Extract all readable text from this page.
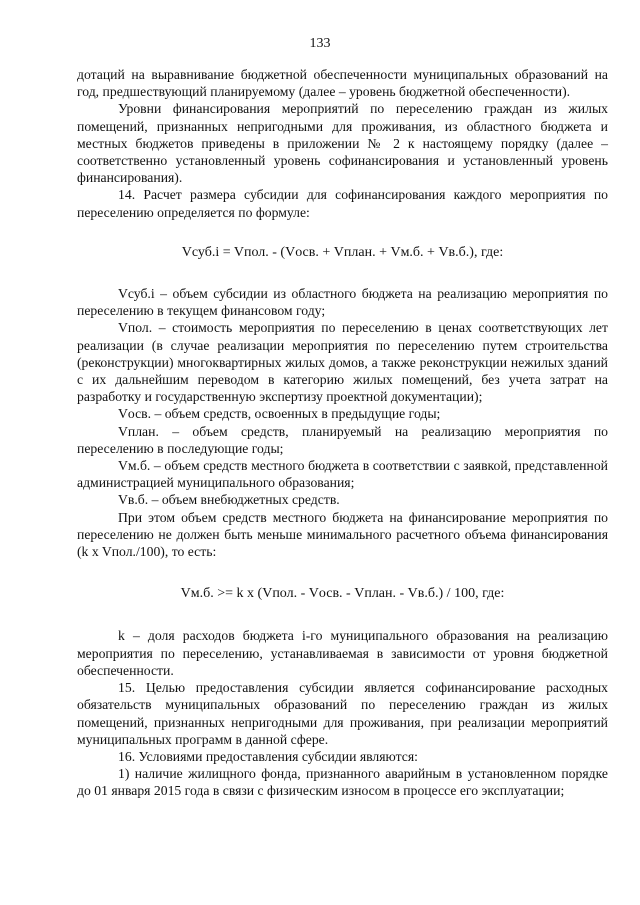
133

дотаций на выравнивание бюджетной обеспеченности муниципальных образований на год, предшествующий планируемому (далее – уровень бюджетной обеспеченности).

Уровни финансирования мероприятий по переселению граждан из жилых помещений, признанных непригодными для проживания, из областного бюджета и местных бюджетов приведены в приложении № 2 к настоящему порядку (далее – соответственно установленный уровень софинансирования и установленный уровень финансирования).

14. Расчет размера субсидии для софинансирования каждого мероприятия по переселению определяется по формуле:

Vсуб.i = Vпол. - (Vосв. + Vплан. + Vм.б. + Vв.б.), где:

Vсуб.i – объем субсидии из областного бюджета на реализацию мероприятия по переселению в текущем финансовом году;

Vпол. – стоимость мероприятия по переселению в ценах соответствующих лет реализации (в случае реализации мероприятия по переселению путем строительства (реконструкции) многоквартирных жилых домов, а также реконструкции нежилых зданий с их дальнейшим переводом в категорию жилых помещений, без учета затрат на разработку и государственную экспертизу проектной документации);

Vосв. – объем средств, освоенных в предыдущие годы;

Vплан. – объем средств, планируемый на реализацию мероприятия по переселению в последующие годы;

Vм.б. – объем средств местного бюджета в соответствии с заявкой, представленной администрацией муниципального образования;

Vв.б. – объем внебюджетных средств.

При этом объем средств местного бюджета на финансирование мероприятия по переселению не должен быть меньше минимального расчетного объема финансирования (k x Vпол./100), то есть:

Vм.б. >= k x (Vпол. - Vосв. - Vплан. - Vв.б.) / 100, где:

k – доля расходов бюджета i-го муниципального образования на реализацию мероприятия по переселению, устанавливаемая в зависимости от уровня бюджетной обеспеченности.

15. Целью предоставления субсидии является софинансирование расходных обязательств муниципальных образований по переселению граждан из жилых помещений, признанных непригодными для проживания, при реализации мероприятий муниципальных программ в данной сфере.

16. Условиями предоставления субсидии являются:

1) наличие жилищного фонда, признанного аварийным в установленном порядке до 01 января 2015 года в связи с физическим износом в процессе его эксплуатации;
